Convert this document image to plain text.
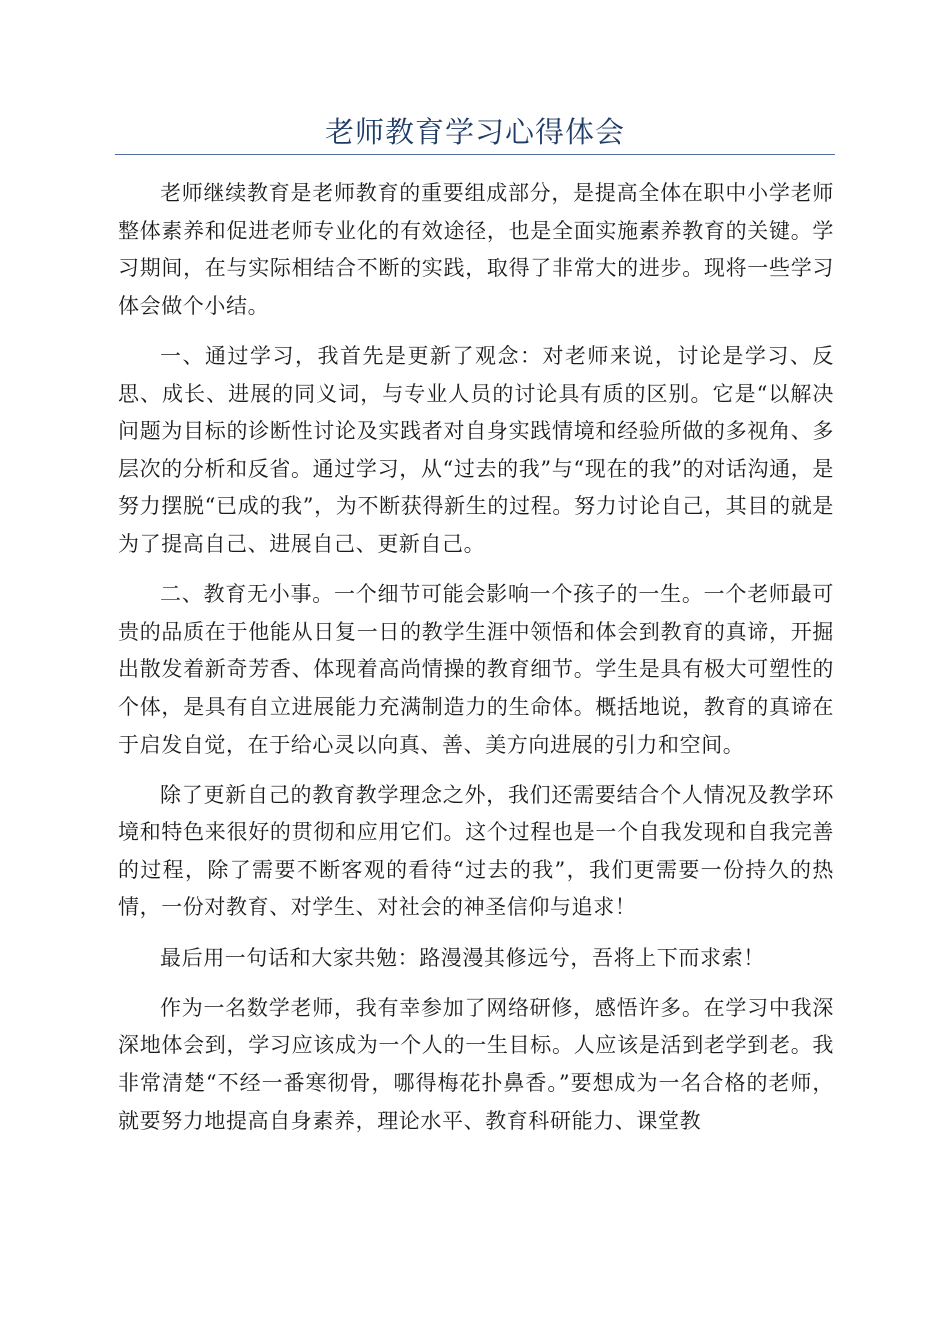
老师教育学习心得体会

老师继续教育是老师教育的重要组成部分，是提高全体在职中小学老师整体素养和促进老师专业化的有效途径，也是全面实施素养教育的关键。学习期间，在与实际相结合不断的实践，取得了非常大的进步。现将一些学习体会做个小结。

一、通过学习，我首先是更新了观念：对老师来说，讨论是学习、反思、成长、进展的同义词，与专业人员的讨论具有质的区别。它是“以解决问题为目标的诊断性讨论及实践者对自身实践情境和经验所做的多视角、多层次的分析和反省。通过学习，从“过去的我”与“现在的我”的对话沟通，是努力摆脱“已成的我”，为不断获得新生的过程。努力讨论自己，其目的就是为了提高自己、进展自己、更新自己。

二、教育无小事。一个细节可能会影响一个孩子的一生。一个老师最可贵的品质在于他能从日复一日的教学生涯中领悟和体会到教育的真谛，开掘出散发着新奇芳香、体现着高尚情操的教育细节。学生是具有极大可塑性的个体，是具有自立进展能力充满制造力的生命体。概括地说，教育的真谛在于启发自觉，在于给心灵以向真、善、美方向进展的引力和空间。

除了更新自己的教育教学理念之外，我们还需要结合个人情况及教学环境和特色来很好的贯彻和应用它们。这个过程也是一个自我发现和自我完善的过程，除了需要不断客观的看待“过去的我”，我们更需要一份持久的热情，一份对教育、对学生、对社会的神圣信仰与追求！

最后用一句话和大家共勉：路漫漫其修远兮，吾将上下而求索！

作为一名数学老师，我有幸参加了网络研修，感悟许多。在学习中我深深地体会到，学习应该成为一个人的一生目标。人应该是活到老学到老。我非常清楚“不经一番寒彻骨，哪得梅花扑鼻香。”要想成为一名合格的老师，就要努力地提高自身素养，理论水平、教育科研能力、课堂教
